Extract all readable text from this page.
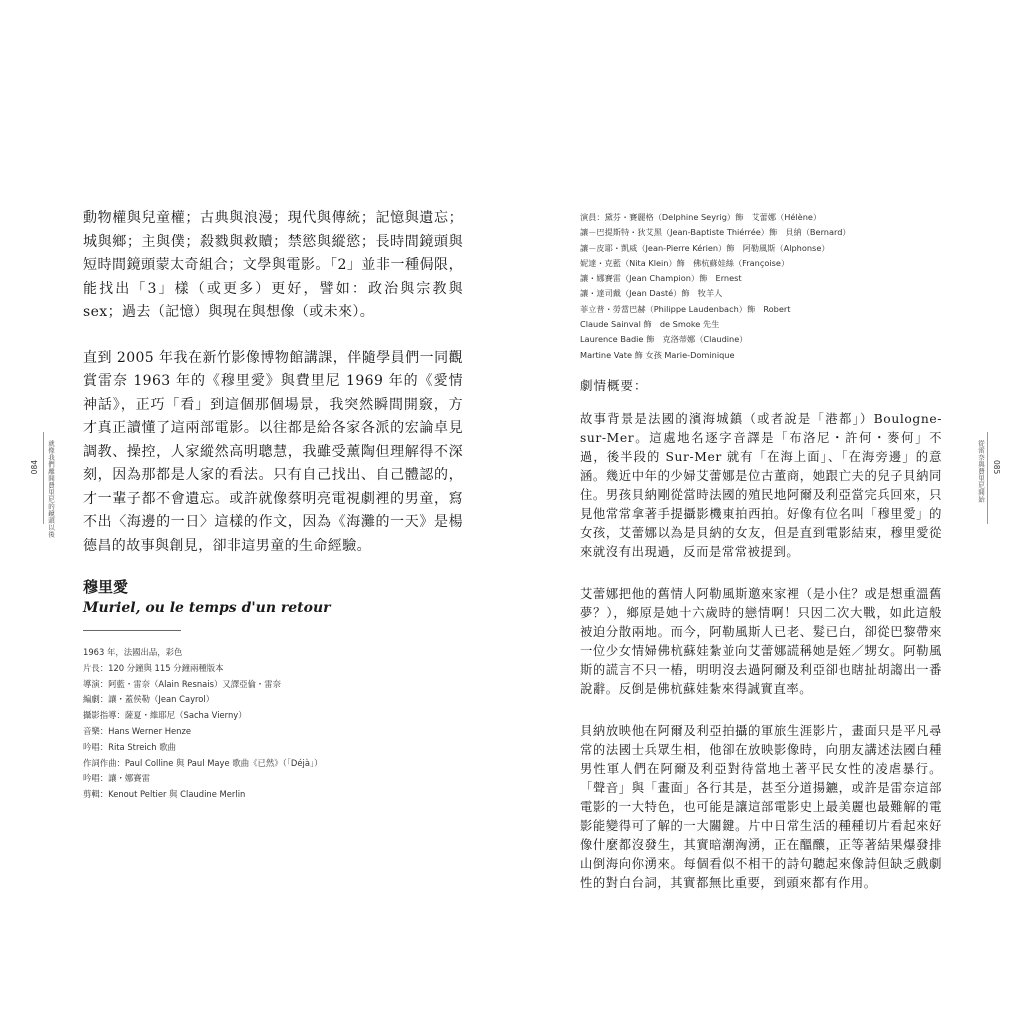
動物權與兒童權；古典與浪漫；現代與傳統；記憶與遺忘；城與鄉；主與僕；殺戮與救贖；禁慾與縱慾；長時間鏡頭與短時間鏡頭蒙太奇組合；文學與電影。「2」並非一種侷限，能找出「3」樣（或更多）更好，譬如：政治與宗教與 sex；過去（記憶）與現在與想像（或未來）。

直到 2005 年我在新竹影像博物館講課，伴隨學員們一同觀賞雷奈 1963 年的《穆里愛》與費里尼 1969 年的《愛情神話》，正巧「看」到這個那個場景，我突然瞬間開竅，方才真正讀懂了這兩部電影。以往都是給各家各派的宏論卓見調教、操控，人家縱然高明聰慧，我雖受薰陶但理解得不深刻，因為那都是人家的看法。只有自己找出、自己體認的，才一輩子都不會遺忘。或許就像蔡明亮電視劇裡的男童，寫不出〈海邊的一日〉這樣的作文，因為《海灘的一天》是楊德昌的故事與創見，卻非這男童的生命經驗。

穆里愛
Muriel, ou le temps d'un retour
1963 年，法國出品，彩色
片長：120 分鐘與 115 分鐘兩種版本
導演：阿藍・雷奈（Alain Resnais）又譯亞倫・雷奈
編劇：讓・蓋侯勒（Jean Cayrol）
攝影指導：薩夏・維耶尼（Sacha Vierny）
音樂：Hans Werner Henze
吟唱：Rita Streich 歌曲
作詞作曲：Paul Colline 與 Paul Maye 歌曲《已然》（「Déjà」）
吟唱：讓・娜賽雷
剪輯：Kenout Peltier 與 Claudine Merlin
就像我們離開費里尼的鏡頭以後
084
演員：黛芬・賽麗格（Delphine Seyrig）飾　艾蕾娜（Hélène）
讓－巴提斯特・狄艾黑（Jean-Baptiste Thiérrée）飾　貝納（Bernard）
讓－皮耶・凱威（Jean-Pierre Kérien）飾　阿勒風斯（Alphonse）
妮達・克藍（Nita Klein）飾　佛杭蘇娃絲（Françoise）
讓・娜賽雷（Jean Champion）飾　Ernest
讓・達司戴（Jean Dasté）飾　牧羊人
菲立普・勞當巴赫（Philippe Laudenbach）飾　Robert
Claude Sainval 飾　de Smoke 先生
Laurence Badie 飾　克洛蒂娜（Claudine）
Martine Vate 飾 女孩 Marie-Dominique
劇情概要：

故事背景是法國的濱海城鎮（或者說是「港都」）Boulogne-sur-Mer。這處地名逐字音譯是「布洛尼・許何・麥何」不過，後半段的 Sur-Mer 就有「在海上面」、「在海旁邊」的意涵。幾近中年的少婦艾蕾娜是位古董商，她跟亡夫的兒子貝納同住。男孩貝納剛從當時法國的殖民地阿爾及利亞當完兵回來，只見他常常拿著手提攝影機東拍西拍。好像有位名叫「穆里愛」的女孩，艾蕾娜以為是貝納的女友，但是直到電影結束，穆里愛從來就沒有出現過，反而是常常被提到。

艾蕾娜把他的舊情人阿勒風斯邀來家裡（是小住？或是想重溫舊夢？），鄉原是她十六歲時的戀情啊！只因二次大戰，如此這般被迫分散兩地。而今，阿勒風斯人已老、髮已白，卻從巴黎帶來一位少女情婦佛杭蘇娃紮並向艾蕾娜謊稱她是姪／甥女。阿勒風斯的謊言不只一樁，明明沒去過阿爾及利亞卻也瞎扯胡謅出一番說辭。反倒是佛杭蘇娃紮來得誠實直率。

貝納放映他在阿爾及利亞拍攝的軍旅生涯影片，畫面只是平凡尋常的法國士兵眾生相，他卻在放映影像時，向朋友講述法國白種男性軍人們在阿爾及利亞對待當地土著平民女性的凌虐暴行。「聲音」與「畫面」各行其是，甚至分道揚鑣，或許是雷奈這部電影的一大特色，也可能是讓這部電影史上最美麗也最難解的電影能變得可了解的一大關鍵。片中日常生活的種種切片看起來好像什麼都沒發生，其實暗潮洶湧，正在醞釀，正等著結果爆發排山倒海向你湧來。每個看似不相干的詩句聽起來像詩但缺乏戲劇性的對白台詞，其實都無比重要，到頭來都有作用。

從雷奈與費里尼開始 085
